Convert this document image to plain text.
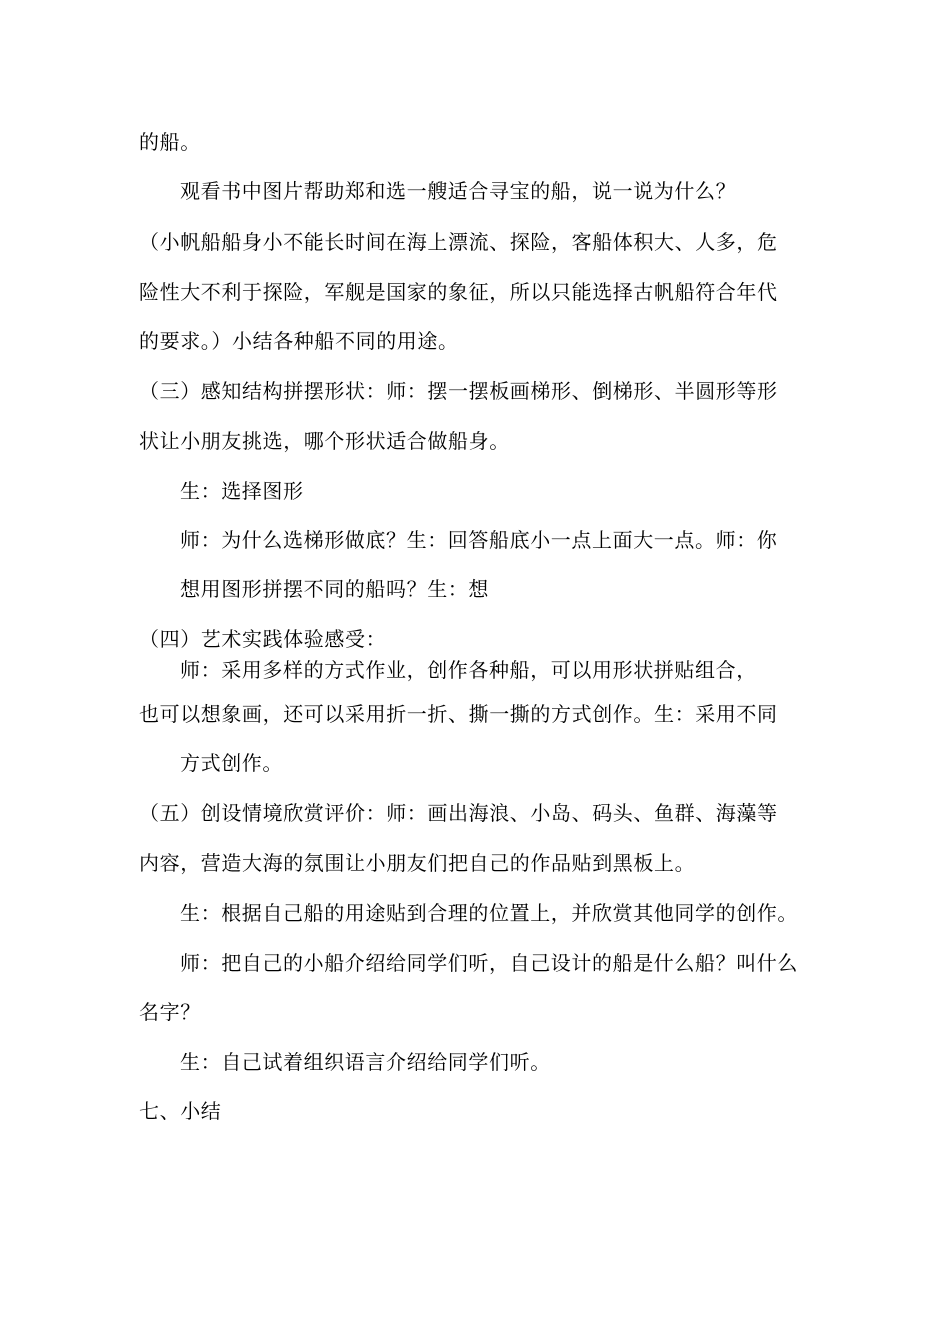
的船。

观看书中图片帮助郑和选一艘适合寻宝的船，说一说为什么？

（小帆船船身小不能长时间在海上漂流、探险，客船体积大、人多，危

险性大不利于探险，军舰是国家的象征，所以只能选择古帆船符合年代

的要求。）小结各种船不同的用途。

（三）感知结构拼摆形状：师：摆一摆板画梯形、倒梯形、半圆形等形

状让小朋友挑选，哪个形状适合做船身。

生：选择图形

师：为什么选梯形做底？生：回答船底小一点上面大一点。师：你

想用图形拼摆不同的船吗？生：想

（四）艺术实践体验感受：

师：采用多样的方式作业，创作各种船，可以用形状拼贴组合，

也可以想象画，还可以采用折一折、撕一撕的方式创作。生：采用不同

方式创作。

（五）创设情境欣赏评价：师：画出海浪、小岛、码头、鱼群、海藻等

内容，营造大海的氛围让小朋友们把自己的作品贴到黑板上。

生：根据自己船的用途贴到合理的位置上，并欣赏其他同学的创作。

师：把自己的小船介绍给同学们听，自己设计的船是什么船？叫什么

名字？

生：自己试着组织语言介绍给同学们听。

七、小结
